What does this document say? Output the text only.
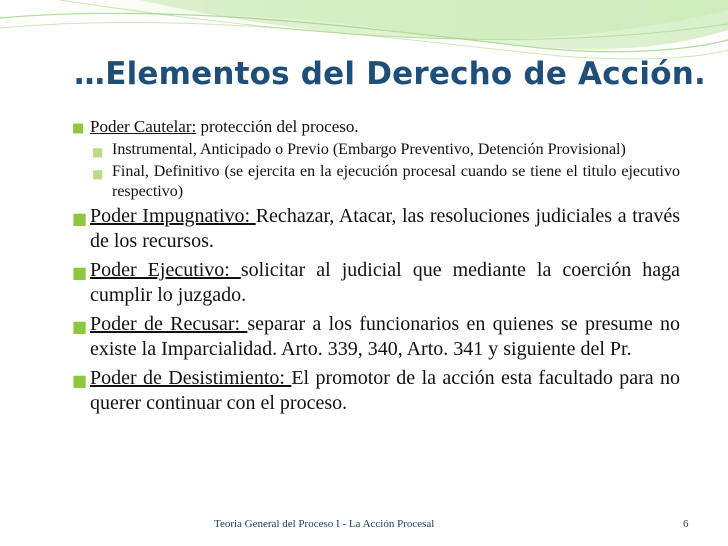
…Elementos del Derecho de Acción.
■ Poder Cautelar: protección del proceso.
■ Instrumental, Anticipado o Previo (Embargo Preventivo, Detención Provisional)
■ Final, Definitivo (se ejercita en la ejecución procesal cuando se tiene el titulo ejecutivo respectivo)
■ Poder Impugnativo: Rechazar, Atacar, las resoluciones judiciales a través de los recursos.
■ Poder Ejecutivo: solicitar al judicial que mediante la coerción haga cumplir lo juzgado.
■ Poder de Recusar: separar a los funcionarios en quienes se presume no existe la Imparcialidad. Arto. 339, 340, Arto. 341 y siguiente del Pr.
■ Poder de Desistimiento: El promotor de la acción esta facultado para no querer continuar con el proceso.
Teoria General del Proceso I - La Acción Procesal	6
